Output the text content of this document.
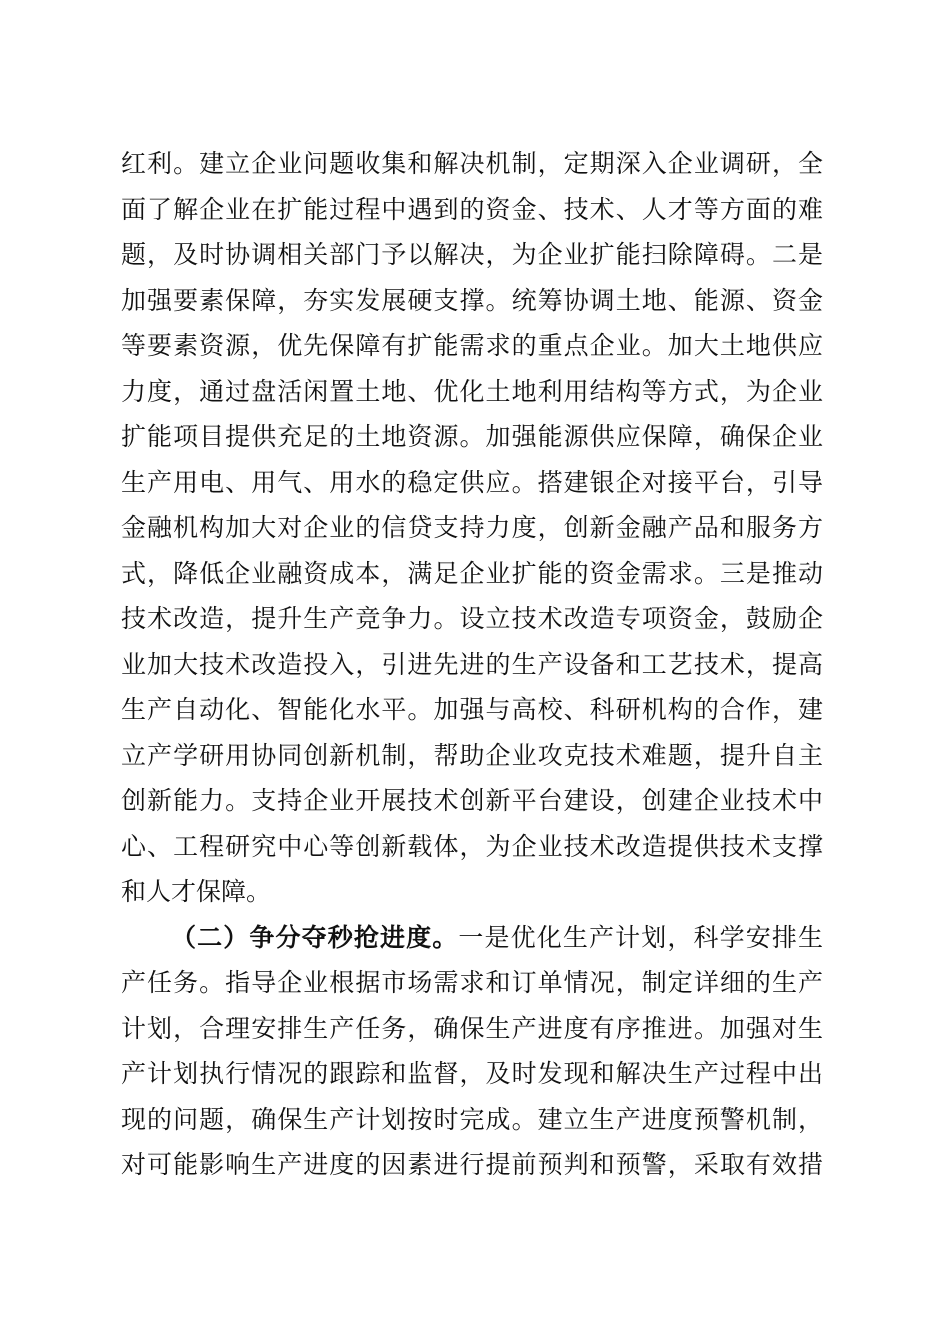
红利。建立企业问题收集和解决机制，定期深入企业调研，全
面了解企业在扩能过程中遇到的资金、技术、人才等方面的难
题，及时协调相关部门予以解决，为企业扩能扫除障碍。二是
加强要素保障，夯实发展硬支撑。统筹协调土地、能源、资金
等要素资源，优先保障有扩能需求的重点企业。加大土地供应
力度，通过盘活闲置土地、优化土地利用结构等方式，为企业
扩能项目提供充足的土地资源。加强能源供应保障，确保企业
生产用电、用气、用水的稳定供应。搭建银企对接平台，引导
金融机构加大对企业的信贷支持力度，创新金融产品和服务方
式，降低企业融资成本，满足企业扩能的资金需求。三是推动
技术改造，提升生产竞争力。设立技术改造专项资金，鼓励企
业加大技术改造投入，引进先进的生产设备和工艺技术，提高
生产自动化、智能化水平。加强与高校、科研机构的合作，建
立产学研用协同创新机制，帮助企业攻克技术难题，提升自主
创新能力。支持企业开展技术创新平台建设，创建企业技术中
心、工程研究中心等创新载体，为企业技术改造提供技术支撑
和人才保障。
（二）争分夺秒抢进度。一是优化生产计划，科学安排生
产任务。指导企业根据市场需求和订单情况，制定详细的生产
计划，合理安排生产任务，确保生产进度有序推进。加强对生
产计划执行情况的跟踪和监督，及时发现和解决生产过程中出
现的问题，确保生产计划按时完成。建立生产进度预警机制，
对可能影响生产进度的因素进行提前预判和预警，采取有效措
